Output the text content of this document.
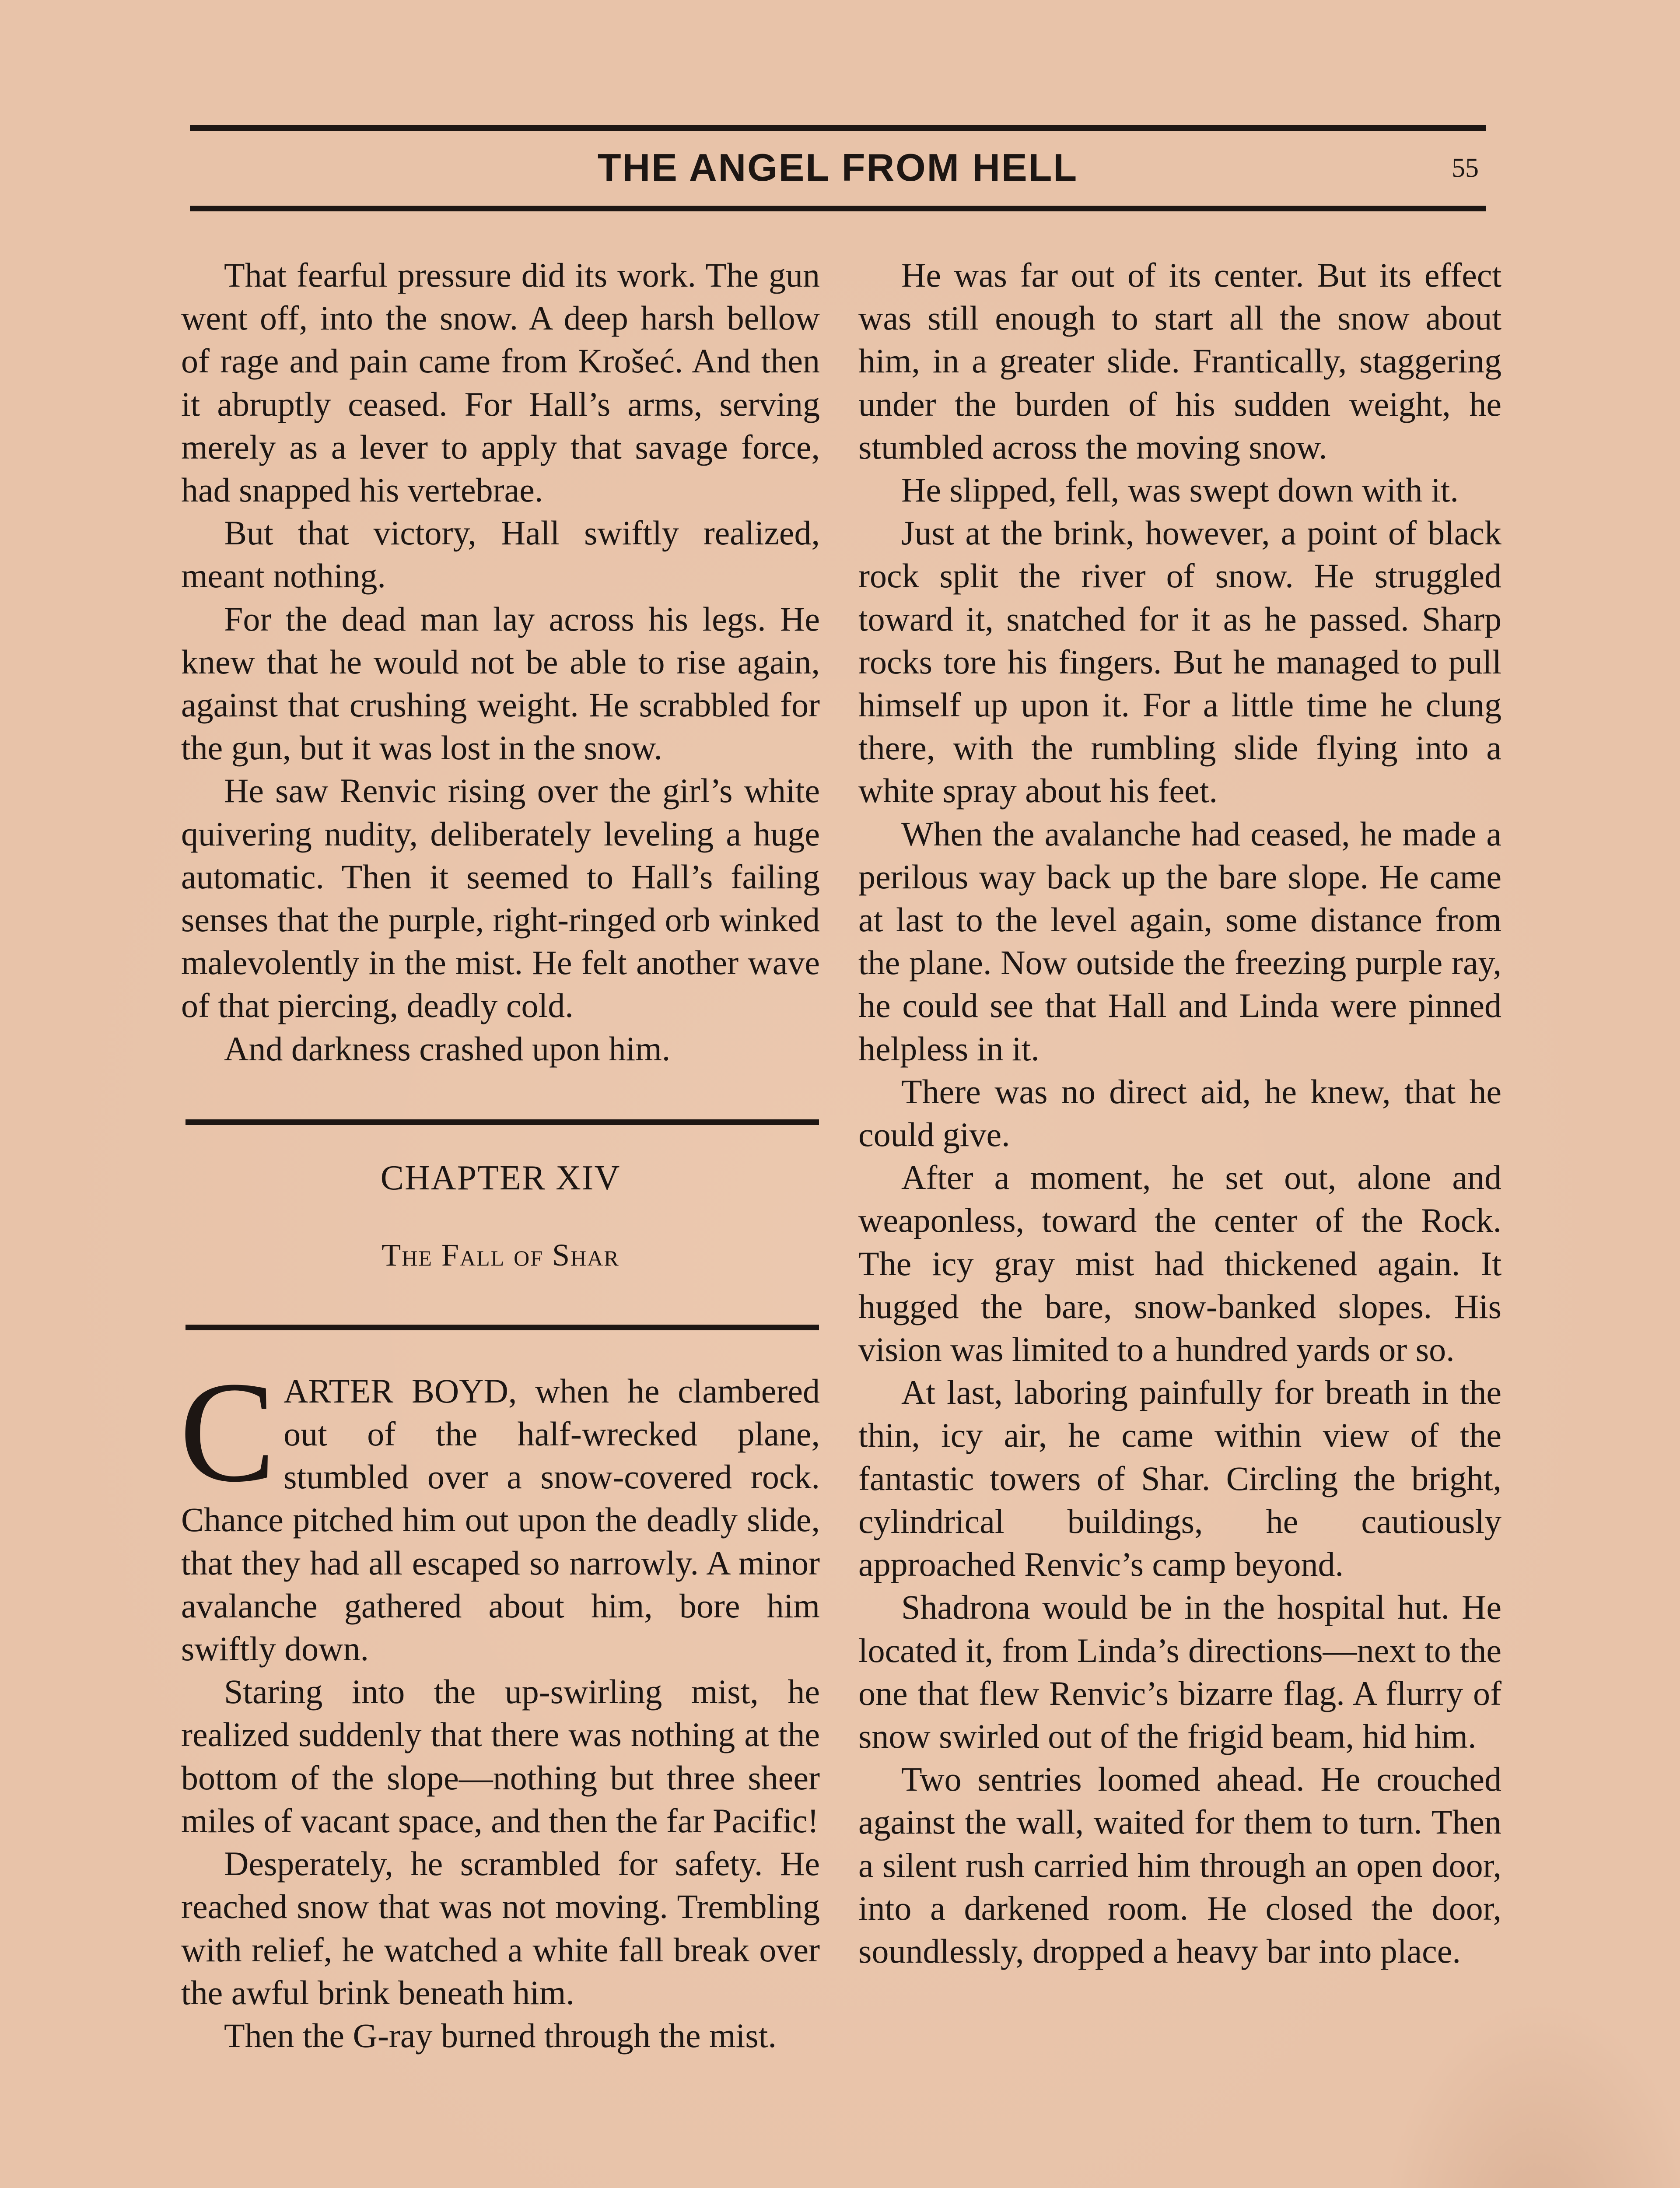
THE ANGEL FROM HELL	55

That fearful pressure did its work. The gun went off, into the snow. A deep harsh bellow of rage and pain came from Krošeć. And then it abruptly ceased. For Hall’s arms, serving merely as a lever to apply that savage force, had snapped his vertebrae.

But that victory, Hall swiftly realized, meant nothing.

For the dead man lay across his legs. He knew that he would not be able to rise again, against that crushing weight. He scrabbled for the gun, but it was lost in the snow.

He saw Renvic rising over the girl’s white quivering nudity, deliberately leveling a huge automatic. Then it seemed to Hall’s failing senses that the purple, right-ringed orb winked malevolently in the mist. He felt another wave of that piercing, deadly cold.

And darkness crashed upon him.

CHAPTER XIV
The Fall of Shar

CARTER BOYD, when he clambered out of the half-wrecked plane, stumbled over a snow-covered rock. Chance pitched him out upon the deadly slide, that they had all escaped so narrowly. A minor avalanche gathered about him, bore him swiftly down.

Staring into the up-swirling mist, he realized suddenly that there was nothing at the bottom of the slope—nothing but three sheer miles of vacant space, and then the far Pacific!

Desperately, he scrambled for safety. He reached snow that was not moving. Trembling with relief, he watched a white fall break over the awful brink beneath him.

Then the G-ray burned through the mist.

He was far out of its center. But its effect was still enough to start all the snow about him, in a greater slide. Frantically, staggering under the burden of his sudden weight, he stumbled across the moving snow.

He slipped, fell, was swept down with it.

Just at the brink, however, a point of black rock split the river of snow. He struggled toward it, snatched for it as he passed. Sharp rocks tore his fingers. But he managed to pull himself up upon it. For a little time he clung there, with the rumbling slide flying into a white spray about his feet.

When the avalanche had ceased, he made a perilous way back up the bare slope. He came at last to the level again, some distance from the plane. Now outside the freezing purple ray, he could see that Hall and Linda were pinned helpless in it.

There was no direct aid, he knew, that he could give.

After a moment, he set out, alone and weaponless, toward the center of the Rock. The icy gray mist had thickened again. It hugged the bare, snow-banked slopes. His vision was limited to a hundred yards or so.

At last, laboring painfully for breath in the thin, icy air, he came within view of the fantastic towers of Shar. Circling the bright, cylindrical buildings, he cautiously approached Renvic’s camp beyond.

Shadrona would be in the hospital hut. He located it, from Linda’s directions—next to the one that flew Renvic’s bizarre flag. A flurry of snow swirled out of the frigid beam, hid him.

Two sentries loomed ahead. He crouched against the wall, waited for them to turn. Then a silent rush carried him through an open door, into a darkened room. He closed the door, soundlessly, dropped a heavy bar into place.
